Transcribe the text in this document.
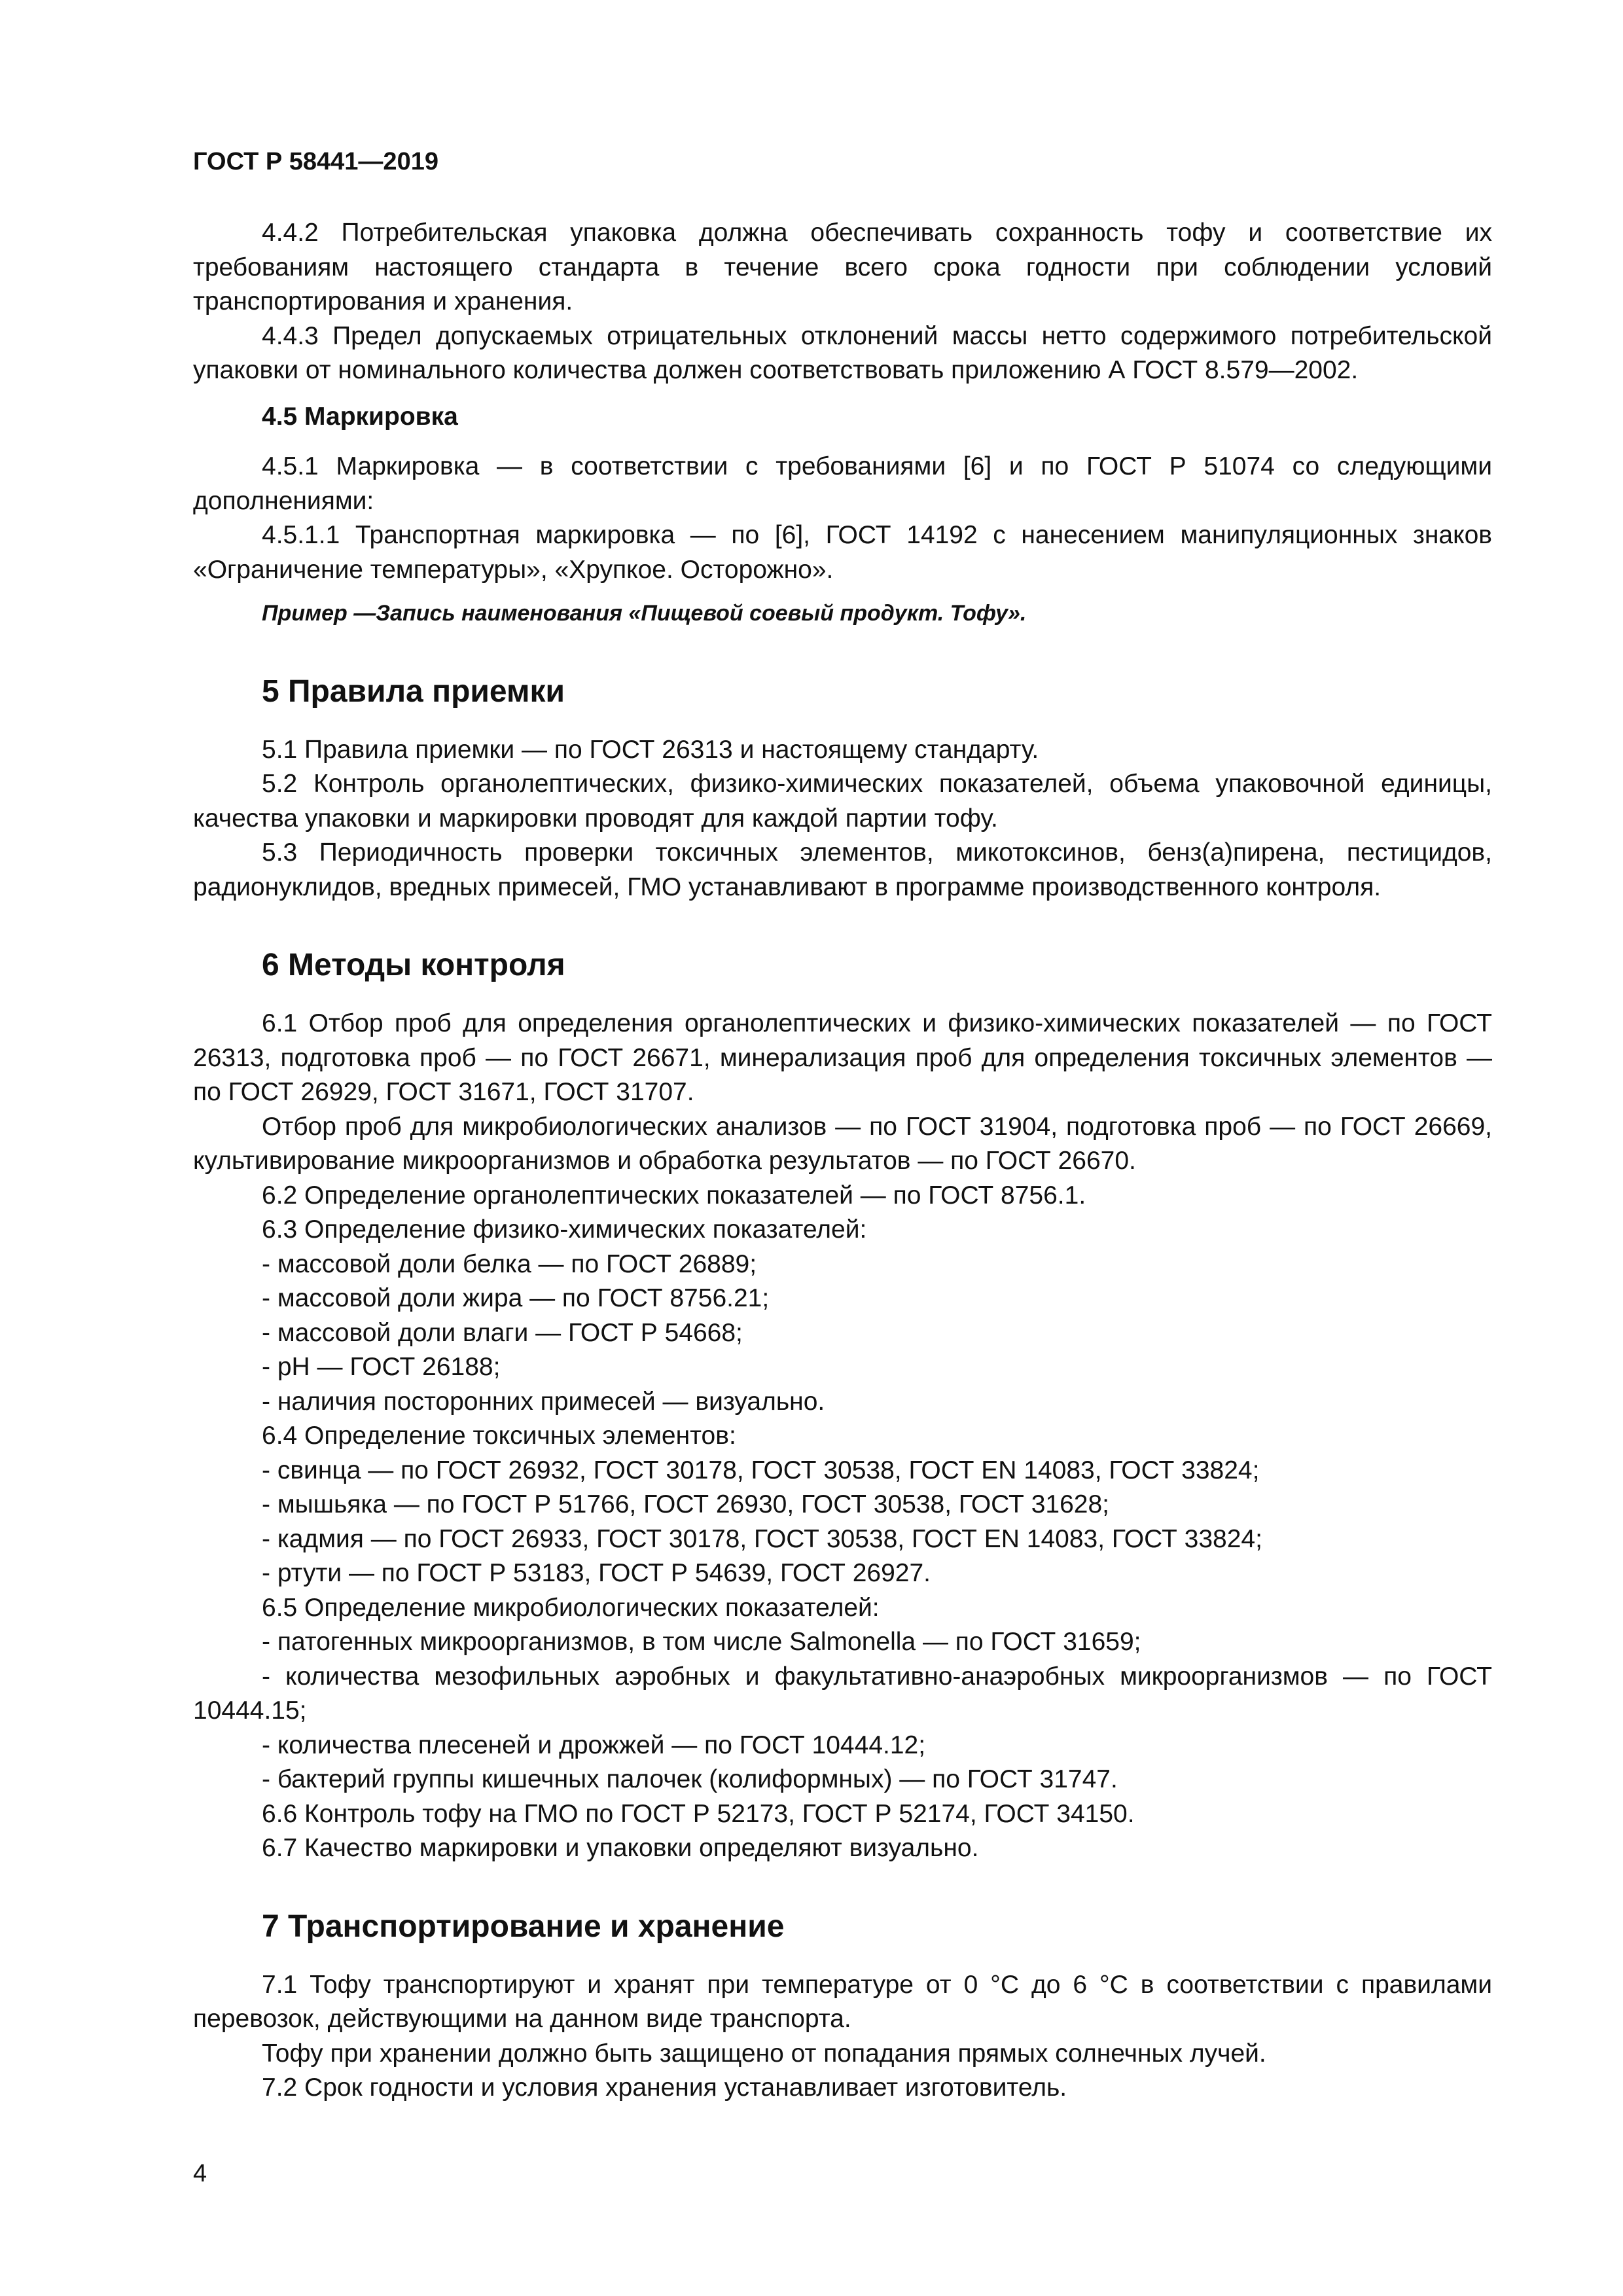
ГОСТ Р 58441—2019

4.4.2 Потребительская упаковка должна обеспечивать сохранность тофу и соответствие их требованиям настоящего стандарта в течение всего срока годности при соблюдении условий транспортирования и хранения.

4.4.3 Предел допускаемых отрицательных отклонений массы нетто содержимого потребительской упаковки от номинального количества должен соответствовать приложению А ГОСТ 8.579—2002.

4.5 Маркировка

4.5.1 Маркировка — в соответствии с требованиями [6] и по ГОСТ Р 51074 со следующими дополнениями:

4.5.1.1 Транспортная маркировка — по [6], ГОСТ 14192 с нанесением манипуляционных знаков «Ограничение температуры», «Хрупкое. Осторожно».

Пример —Запись наименования «Пищевой соевый продукт. Тофу».

5 Правила приемки

5.1 Правила приемки — по ГОСТ 26313 и настоящему стандарту.

5.2 Контроль органолептических, физико-химических показателей, объема упаковочной единицы, качества упаковки и маркировки проводят для каждой партии тофу.

5.3 Периодичность проверки токсичных элементов, микотоксинов, бенз(а)пирена, пестицидов, радионуклидов, вредных примесей, ГМО устанавливают в программе производственного контроля.

6 Методы контроля

6.1 Отбор проб для определения органолептических и физико-химических показателей — по ГОСТ 26313, подготовка проб — по ГОСТ 26671, минерализация проб для определения токсичных элементов — по ГОСТ 26929, ГОСТ 31671, ГОСТ 31707.

Отбор проб для микробиологических анализов — по ГОСТ 31904, подготовка проб — по ГОСТ 26669, культивирование микроорганизмов и обработка результатов — по ГОСТ 26670.

6.2 Определение органолептических показателей — по ГОСТ 8756.1.

6.3 Определение физико-химических показателей:

- массовой доли белка — по ГОСТ 26889;

- массовой доли жира — по ГОСТ 8756.21;

- массовой доли влаги — ГОСТ Р 54668;

- pH — ГОСТ 26188;

- наличия посторонних примесей — визуально.

6.4 Определение токсичных элементов:

- свинца — по ГОСТ 26932, ГОСТ 30178, ГОСТ 30538, ГОСТ EN 14083, ГОСТ 33824;

- мышьяка — по ГОСТ Р 51766, ГОСТ 26930, ГОСТ 30538, ГОСТ 31628;

- кадмия — по ГОСТ 26933, ГОСТ 30178, ГОСТ 30538, ГОСТ EN 14083, ГОСТ 33824;

- ртути — по ГОСТ Р 53183, ГОСТ Р 54639, ГОСТ 26927.

6.5 Определение микробиологических показателей:

- патогенных микроорганизмов, в том числе Salmonella — по ГОСТ 31659;

- количества мезофильных аэробных и факультативно-анаэробных микроорганизмов — по ГОСТ 10444.15;

- количества плесеней и дрожжей — по ГОСТ 10444.12;

- бактерий группы кишечных палочек (колиформных) — по ГОСТ 31747.

6.6 Контроль тофу на ГМО по ГОСТ Р 52173, ГОСТ Р 52174, ГОСТ 34150.

6.7 Качество маркировки и упаковки определяют визуально.

7 Транспортирование и хранение

7.1 Тофу транспортируют и хранят при температуре от 0 °С до 6 °С в соответствии с правилами перевозок, действующими на данном виде транспорта.

Тофу при хранении должно быть защищено от попадания прямых солнечных лучей.

7.2 Срок годности и условия хранения устанавливает изготовитель.

4
